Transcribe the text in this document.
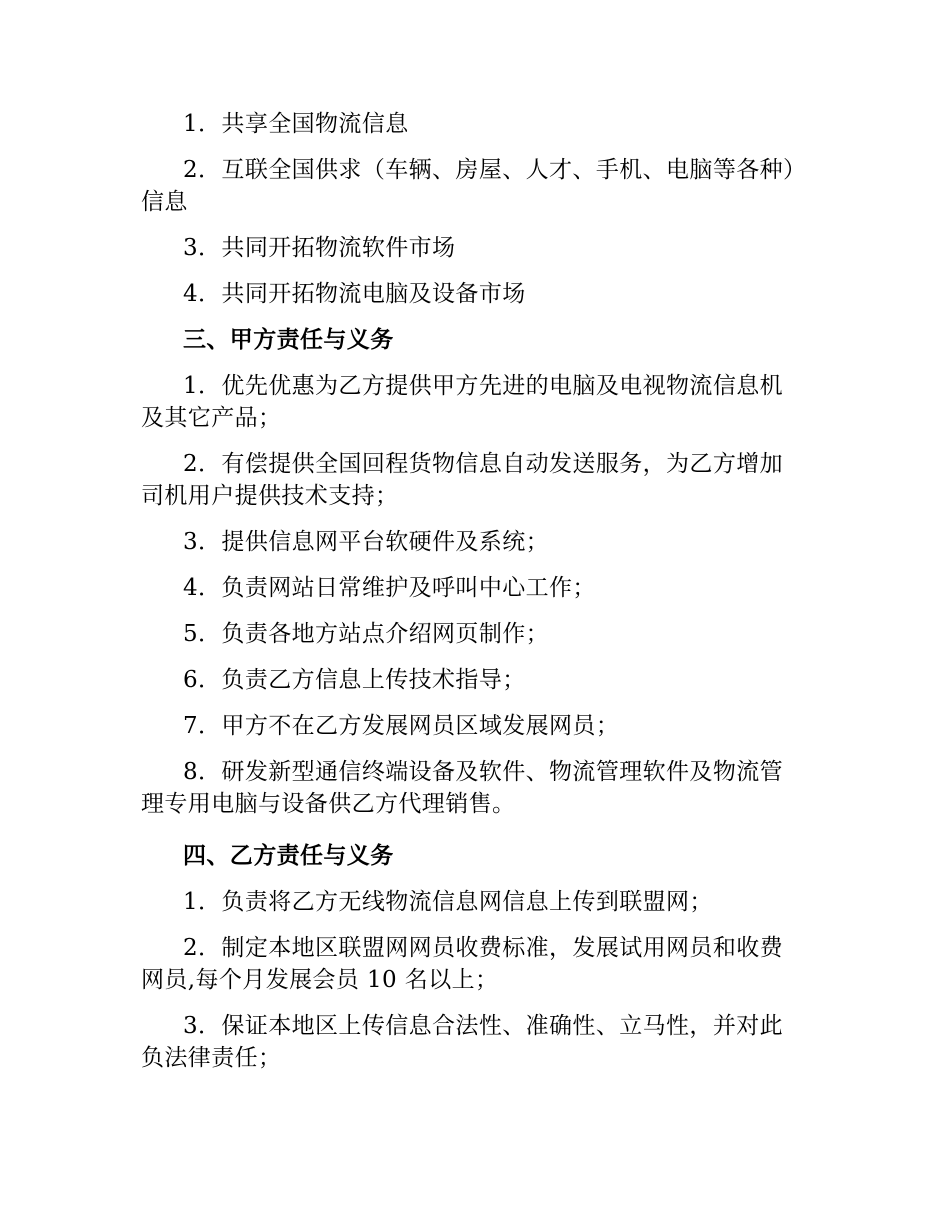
1．共享全国物流信息

2．互联全国供求（车辆、房屋、人才、手机、电脑等各种）信息

3．共同开拓物流软件市场

4．共同开拓物流电脑及设备市场

三、甲方责任与义务

1．优先优惠为乙方提供甲方先进的电脑及电视物流信息机及其它产品；

2．有偿提供全国回程货物信息自动发送服务，为乙方增加司机用户提供技术支持；

3．提供信息网平台软硬件及系统；

4．负责网站日常维护及呼叫中心工作；

5．负责各地方站点介绍网页制作；

6．负责乙方信息上传技术指导；

7．甲方不在乙方发展网员区域发展网员；

8．研发新型通信终端设备及软件、物流管理软件及物流管理专用电脑与设备供乙方代理销售。

四、乙方责任与义务

1．负责将乙方无线物流信息网信息上传到联盟网；

2．制定本地区联盟网网员收费标准，发展试用网员和收费网员,每个月发展会员 10 名以上；

3．保证本地区上传信息合法性、准确性、立马性，并对此负法律责任；
